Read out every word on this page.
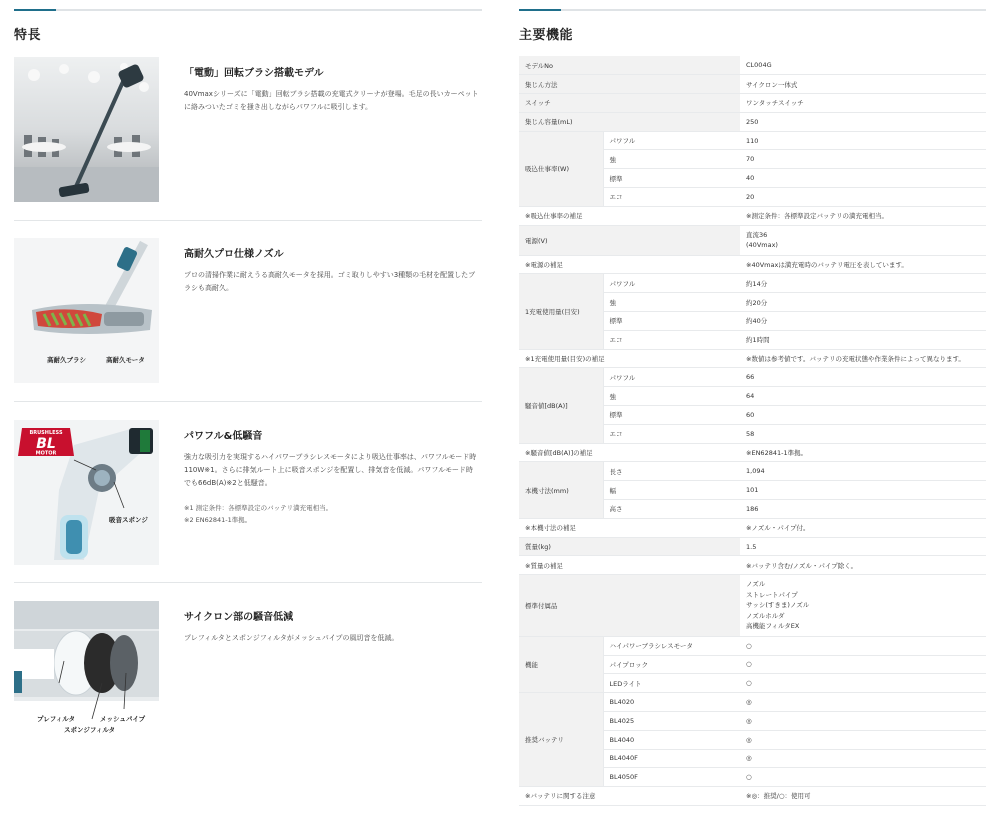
特長
「電動」回転ブラシ搭載モデル
40Vmaxシリーズに「電動」回転ブラシ搭載の充電式クリーナが登場。毛足の長いカーペットに絡みついたゴミを掻き出しながらパワフルに吸引します。
高耐久ブラシ	高耐久モータ
高耐久プロ仕様ノズル
プロの清掃作業に耐えうる高耐久モータを採用。ゴミ取りしやすい3種類の毛材を配置したブラシも高耐久。
BRUSHLESS
BL
MOTOR
吸音スポンジ
パワフル&低騒音
強力な吸引力を実現するハイパワーブラシレスモータにより吸込仕事率は、パワフルモード時110W※1。さらに排気ルート上に吸音スポンジを配置し、排気音を低減。パワフルモード時でも66dB(A)※2と低騒音。
※1 測定条件：各標準設定のバッテリ満充電相当。
※2 EN62841-1準拠。
プレフィルタ	メッシュパイプ
スポンジフィルタ
サイクロン部の騒音低減
プレフィルタとスポンジフィルタがメッシュパイプの風切音を低減。
主要機能
モデルNo		CL004G
集じん方法		サイクロン一体式
スイッチ		ワンタッチスイッチ
集じん容量(mL)		250
吸込仕事率(W)	パワフル	110
	強	70
	標準	40
	エコ	20
※吸込仕事率の補足		※測定条件：各標準設定バッテリの満充電相当。
電源(V)		直流36
(40Vmax)

※電源の補足		※40Vmaxは満充電時のバッテリ電圧を表しています。
1充電使用量(目安)	パワフル	約14分
	強	約20分
	標準	約40分
	エコ	約1時間
※1充電使用量(目安)の補足		※数値は参考値です。バッテリの充電状態や作業条件によって異なります。
騒音値[dB(A)]	パワフル	66
	強	64
	標準	60
	エコ	58
※騒音値[dB(A)]の補足		※EN62841-1準拠。
本機寸法(mm)	長さ	1,094
	幅	101
	高さ	186
※本機寸法の補足		※ノズル・パイプ付。
質量(kg)		1.5
※質量の補足		※バッテリ含む/ノズル・パイプ除く。
標準付属品		ノズル
ストレートパイプ
サッシ(すきま)ノズル
ノズルホルダ
高機能フィルタEX

機能	ハイパワーブラシレスモータ	○
	パイプロック	○
	LEDライト	○
推奨バッテリ	BL4020	◎
	BL4025	◎
	BL4040	◎
	BL4040F	◎
	BL4050F	○
※バッテリに関する注意		※◎：推奨/○：使用可
